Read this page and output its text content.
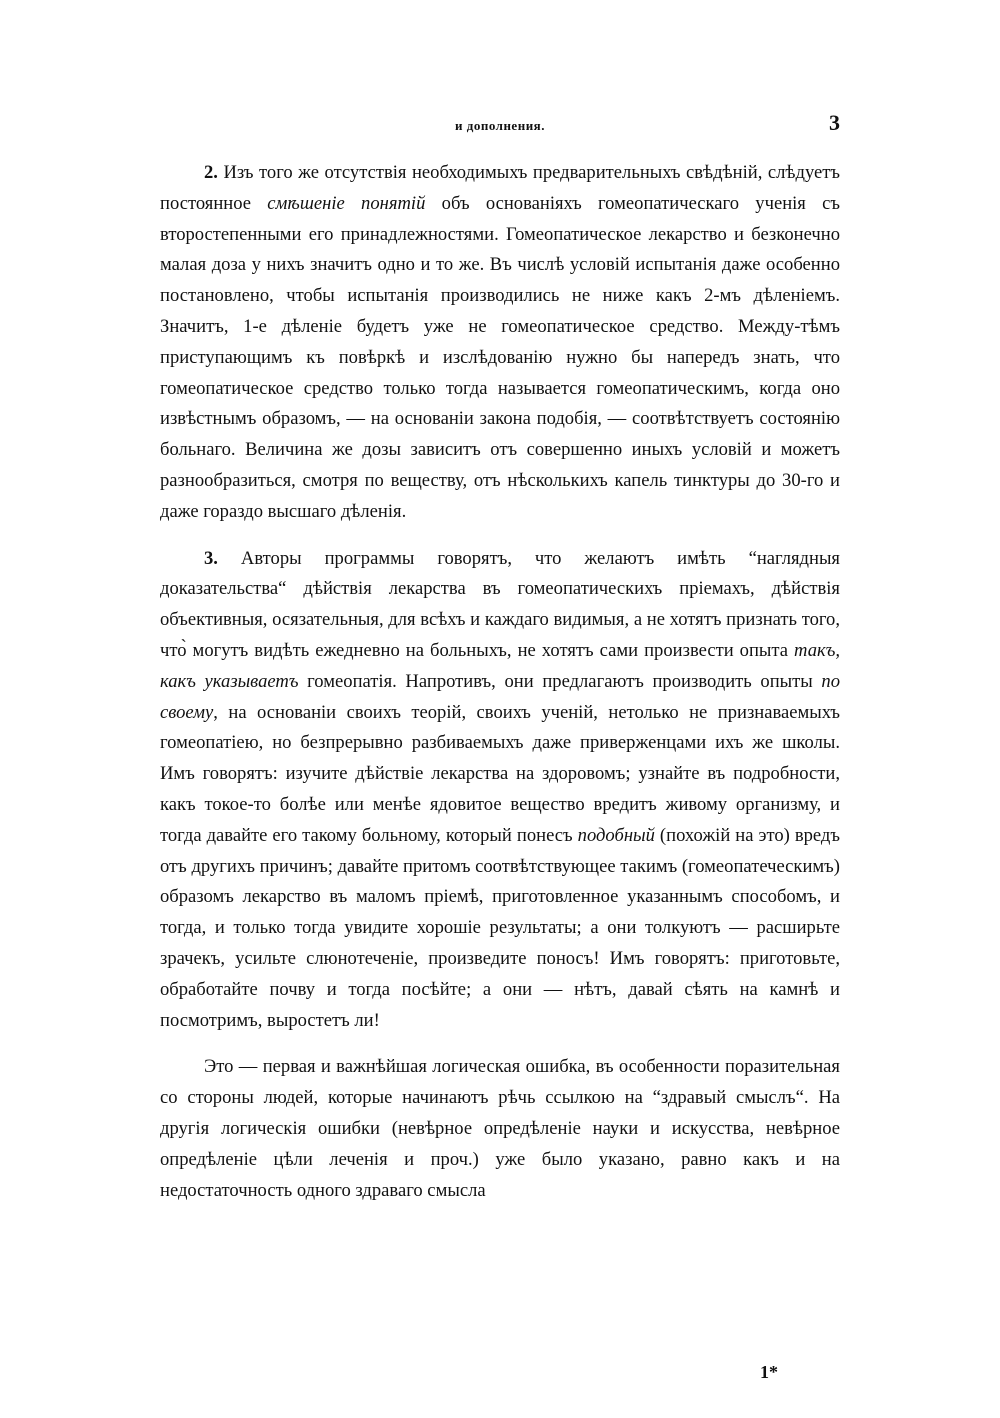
и дополнения.	3

2. Изъ того же отсутствія необходимыхъ предварительныхъ свѣдѣній, слѣдуетъ постоянное смѣшеніе понятій объ основаніяхъ гомеопатическаго ученія съ второстепенными его принадлежностями. Гомеопатическое лекарство и безконечно малая доза у нихъ значитъ одно и то же. Въ числѣ условій испытанія даже особенно постановлено, чтобы испытанія производились не ниже какъ 2-мъ дѣленіемъ. Значитъ, 1-е дѣленіе будетъ уже не гомеопатическое средство. Между-тѣмъ приступающимъ къ повѣркѣ и изслѣдованію нужно бы напередъ знать, что гомеопатическое средство только тогда называется гомеопатическимъ, когда оно извѣстнымъ образомъ, — на основаніи закона подобія, — соотвѣтствуетъ состоянію больнаго. Величина же дозы зависитъ отъ совершенно иныхъ условій и можетъ разнообразиться, смотря по веществу, отъ нѣсколькихъ капель тинктуры до 30-го и даже гораздо высшаго дѣленія.

3. Авторы программы говорятъ, что желаютъ имѣть “наглядныя доказательства“ дѣйствія лекарства въ гомеопатическихъ пріемахъ, дѣйствія объективныя, осязательныя, для всѣхъ и каждаго видимыя, а не хотятъ признать того, что̀ могутъ видѣть ежедневно на больныхъ, не хотятъ сами произвести опыта такъ, какъ указываетъ гомеопатія. Напротивъ, они предлагаютъ производить опыты по своему, на основаніи своихъ теорій, своихъ ученій, нетолько не признаваемыхъ гомеопатіею, но безпрерывно разбиваемыхъ даже приверженцами ихъ же школы. Имъ говорятъ: изучите дѣйствіе лекарства на здоровомъ; узнайте въ подробности, какъ токое-то болѣе или менѣе ядовитое вещество вредитъ живому организму, и тогда давайте его такому больному, который понесъ подобный (похожій на это) вредъ отъ другихъ причинъ; давайте притомъ соотвѣтствующее такимъ (гомеопатеческимъ) образомъ лекарство въ маломъ пріемѣ, приготовленное указаннымъ способомъ, и тогда, и только тогда увидите хорошіе результаты; а они толкуютъ — расширьте зрачекъ, усильте слюнотеченіе, произведите поносъ! Имъ говорятъ: приготовьте, обработайте почву и тогда посѣйте; а они — нѣтъ, давай сѣять на камнѣ и посмотримъ, выростетъ ли!

Это — первая и важнѣйшая логическая ошибка, въ особенности поразительная со стороны людей, которые начинаютъ рѣчь ссылкою на “здравый смыслъ“. На другія логическія ошибки (невѣрное опредѣленіе науки и искусства, невѣрное опредѣленіе цѣли леченія и проч.) уже было указано, равно какъ и на недостаточность одного здраваго смысла

1*
